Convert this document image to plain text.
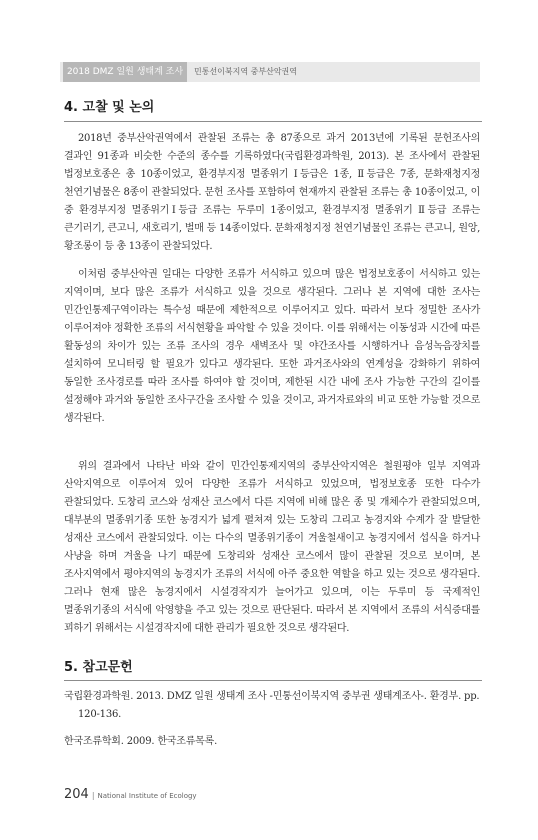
2018 DMZ 일원 생태계 조사	민통선이북지역 중부산악권역
4. 고찰 및 논의

2018년 중부산악권역에서 관찰된 조류는 총 87종으로 과거 2013년에 기록된 문헌조사의 결과인 91종과 비슷한 수준의 종수를 기록하였다(국립환경과학원, 2013). 본 조사에서 관찰된 법정보호종은 총 10종이었고, 환경부지정 멸종위기 Ⅰ등급은 1종, Ⅱ등급은 7종, 문화재청지정 천연기념물은 8종이 관찰되었다. 문헌 조사를 포함하여 현재까지 관찰된 조류는 총 10종이었고, 이 중 환경부지정 멸종위기Ⅰ등급 조류는 두루미 1종이었고, 환경부지정 멸종위기 Ⅱ등급 조류는 큰기러기, 큰고니, 새호리기, 벌매 등 14종이었다. 문화재청지정 천연기념물인 조류는 큰고니, 원앙, 황조롱이 등 총 13종이 관찰되었다.

이처럼 중부산악권 일대는 다양한 조류가 서식하고 있으며 많은 법정보호종이 서식하고 있는 지역이며, 보다 많은 조류가 서식하고 있을 것으로 생각된다. 그러나 본 지역에 대한 조사는 민간인통제구역이라는 특수성 때문에 제한적으로 이루어지고 있다. 따라서 보다 정밀한 조사가 이루어져야 정확한 조류의 서식현황을 파악할 수 있을 것이다. 이를 위해서는 이동성과 시간에 따른 활동성의 차이가 있는 조류 조사의 경우 새벽조사 및 야간조사를 시행하거나 음성녹음장치를 설치하여 모니터링 할 필요가 있다고 생각된다. 또한 과거조사와의 연계성을 강화하기 위하여 동일한 조사경로를 따라 조사를 하여야 할 것이며, 제한된 시간 내에 조사 가능한 구간의 길이를 설정해야 과거와 동일한 조사구간을 조사할 수 있을 것이고, 과거자료와의 비교 또한 가능할 것으로 생각된다.

위의 결과에서 나타난 바와 같이 민간인통제지역의 중부산악지역은 철원평야 일부 지역과 산악지역으로 이루어져 있어 다양한 조류가 서식하고 있었으며, 법정보호종 또한 다수가 관찰되었다. 도창리 코스와 성재산 코스에서 다른 지역에 비해 많은 종 및 개체수가 관찰되었으며, 대부분의 멸종위기종 또한 농경지가 넓게 펼쳐져 있는 도창리 그리고 농경지와 수계가 잘 발달한 성재산 코스에서 관찰되었다. 이는 다수의 멸종위기종이 겨울철새이고 농경지에서 섭식을 하거나 사냥을 하며 겨울을 나기 때문에 도창리와 성재산 코스에서 많이 관찰된 것으로 보이며, 본 조사지역에서 평야지역의 농경지가 조류의 서식에 아주 중요한 역할을 하고 있는 것으로 생각된다. 그러나 현재 많은 농경지에서 시설경작지가 늘어가고 있으며, 이는 두루미 등 국제적인 멸종위기종의 서식에 악영향을 주고 있는 것으로 판단된다. 따라서 본 지역에서 조류의 서식증대를 꾀하기 위해서는 시설경작지에 대한 관리가 필요한 것으로 생각된다.

5. 참고문헌

국립환경과학원. 2013. DMZ 일원 생태계 조사 -민통선이북지역 중부권 생태계조사-. 환경부. pp. 120-136.

한국조류학회. 2009. 한국조류목록.

204 | National Institute of Ecology
